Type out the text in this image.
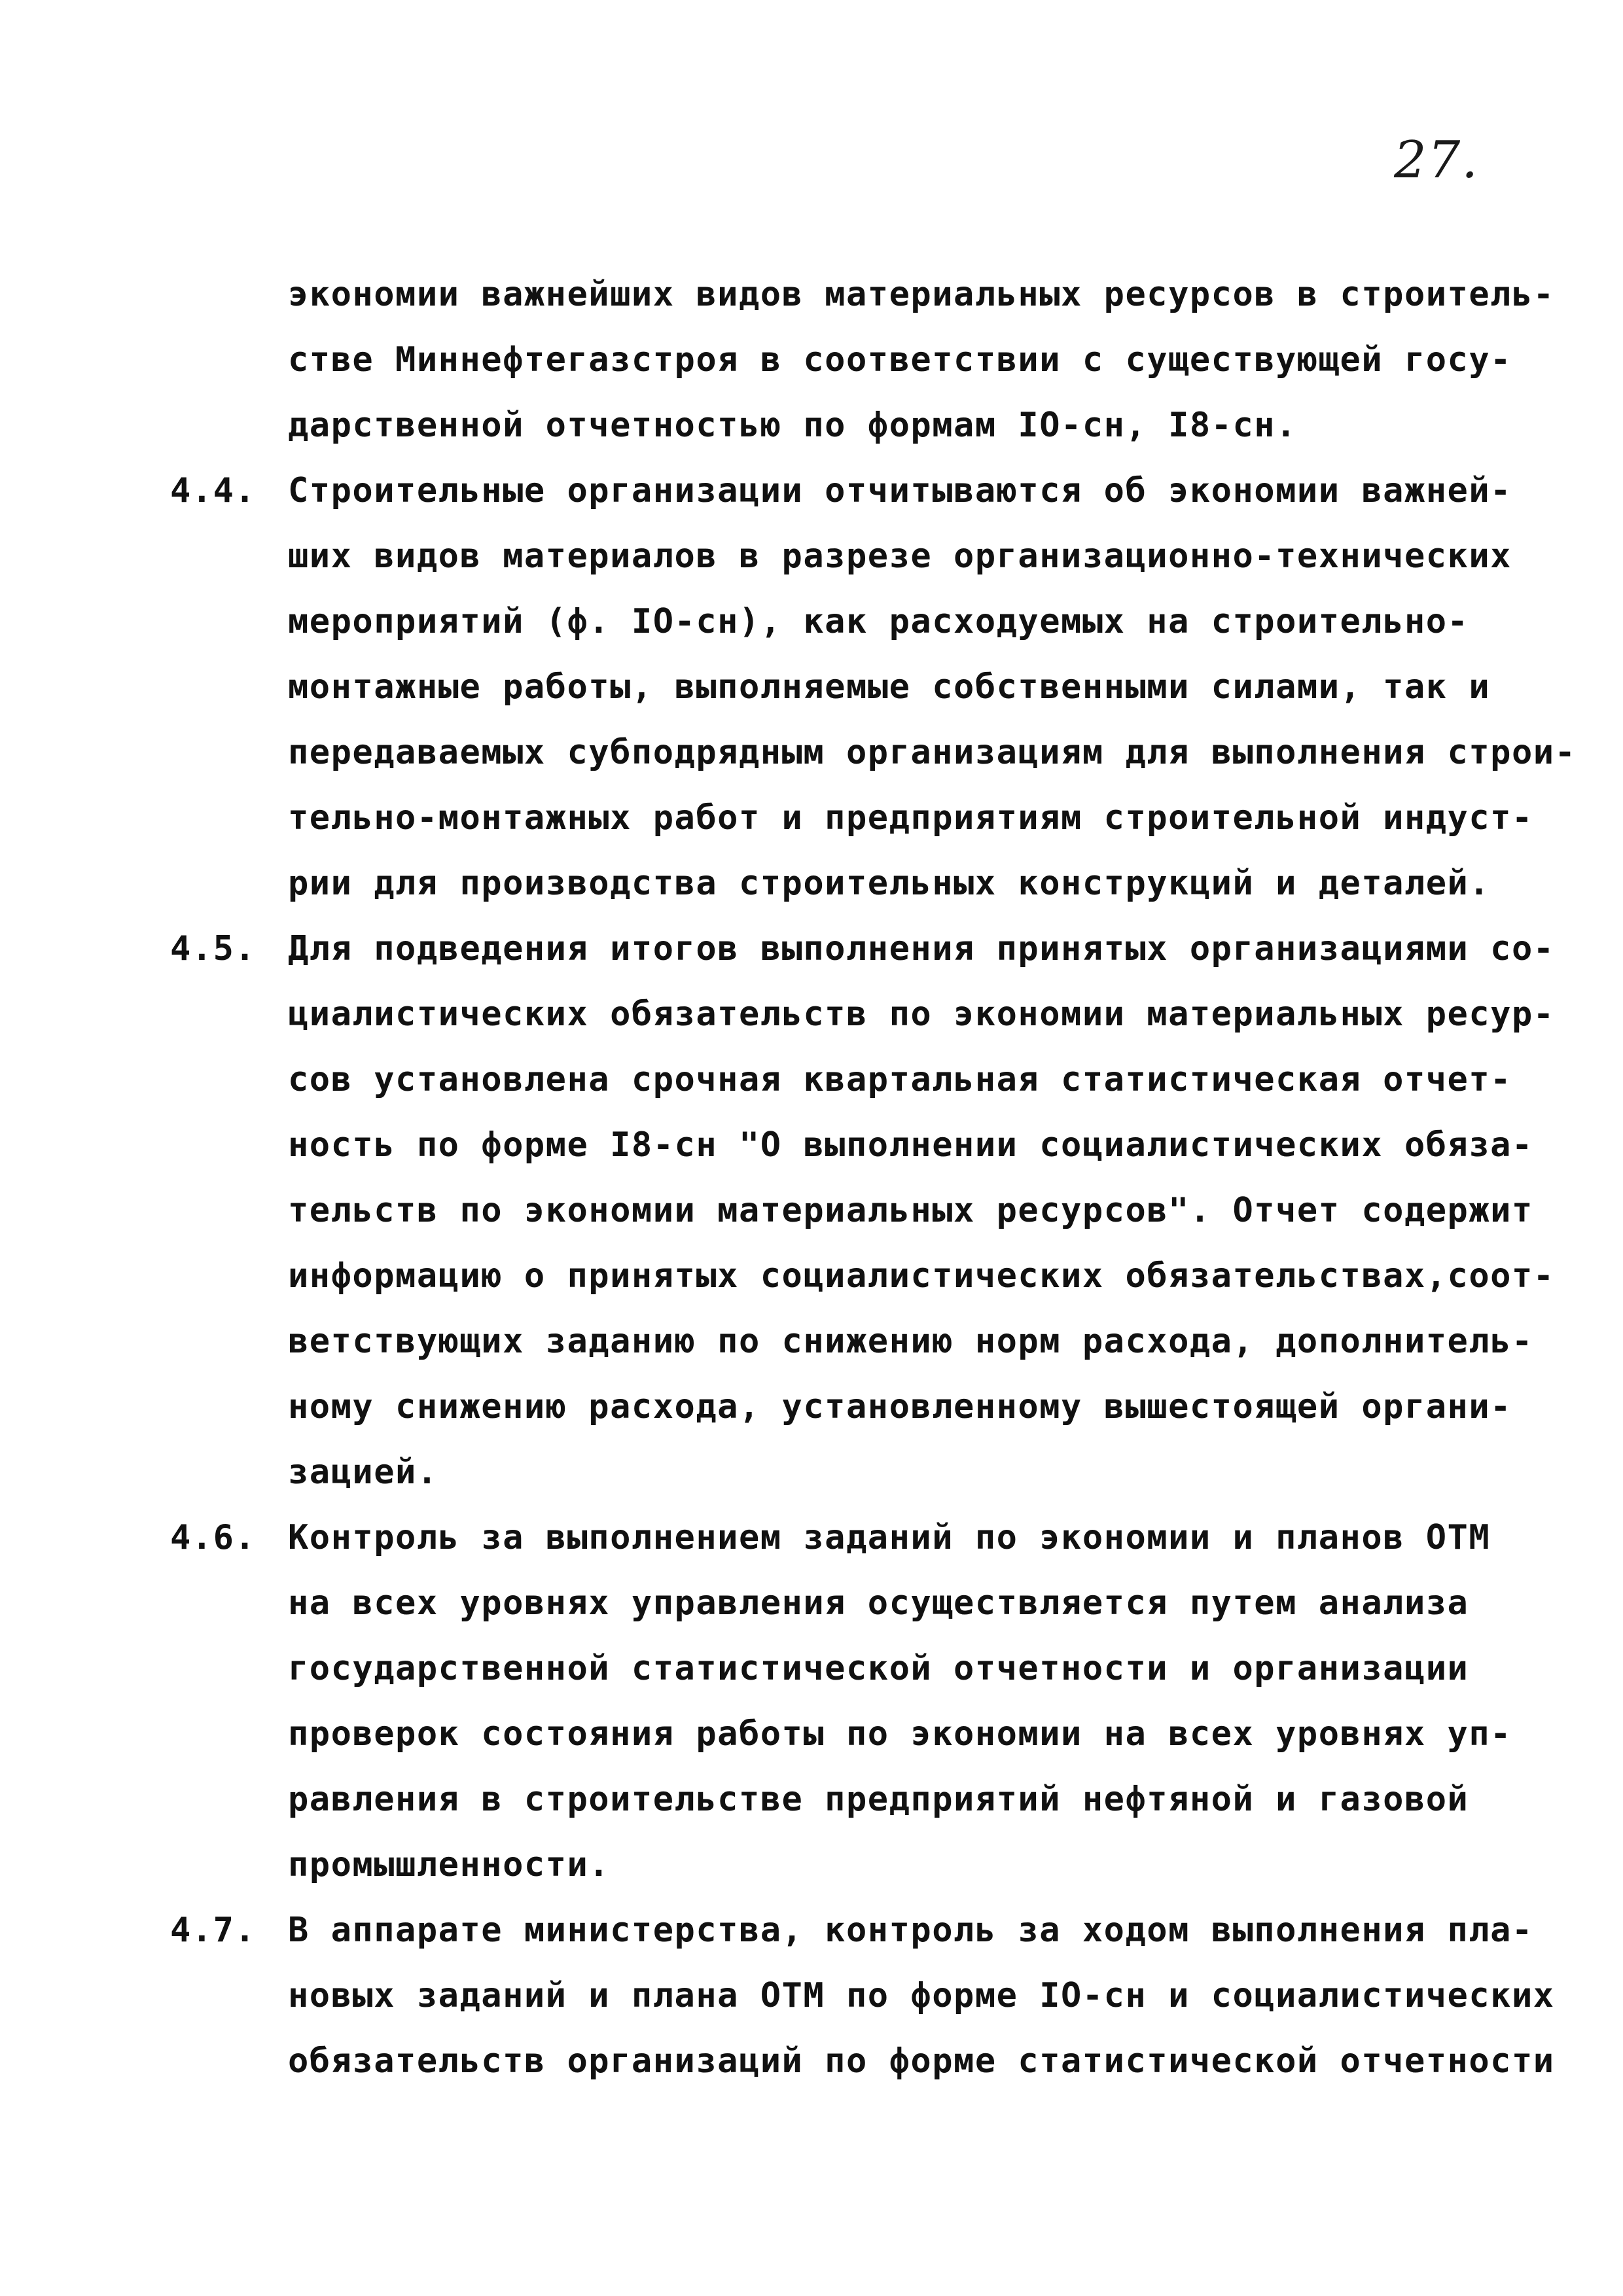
27.
экономии важнейших видов материальных ресурсов в строитель-
стве Миннефтегазстроя в соответствии с существующей госу-
дарственной отчетностью по формам IO-сн, I8-сн.
4.4. Строительные организации отчитываются об экономии важней-
ших видов материалов в разрезе организационно-технических
мероприятий (ф. IO-сн), как расходуемых на строительно-
монтажные работы, выполняемые собственными силами, так и
передаваемых субподрядным организациям для выполнения строи-
тельно-монтажных работ и предприятиям строительной индуст-
рии для производства строительных конструкций и деталей.
4.5. Для подведения итогов выполнения принятых организациями со-
циалистических обязательств по экономии материальных ресур-
сов установлена срочная квартальная статистическая отчет-
ность по форме I8-сн "О выполнении социалистических обяза-
тельств по экономии материальных ресурсов". Отчет содержит
информацию о принятых социалистических обязательствах,соот-
ветствующих заданию по снижению норм расхода, дополнитель-
ному снижению расхода, установленному вышестоящей органи-
зацией.
4.6. Контроль за выполнением заданий по экономии и планов ОТМ
на всех уровнях управления осуществляется путем анализа
государственной статистической отчетности и организации
проверок состояния работы по экономии на всех уровнях уп-
равления в строительстве предприятий нефтяной и газовой
промышленности.
4.7. В аппарате министерства, контроль за ходом выполнения пла-
новых заданий и плана ОТМ по форме IO-сн и социалистических
обязательств организаций по форме статистической отчетности
